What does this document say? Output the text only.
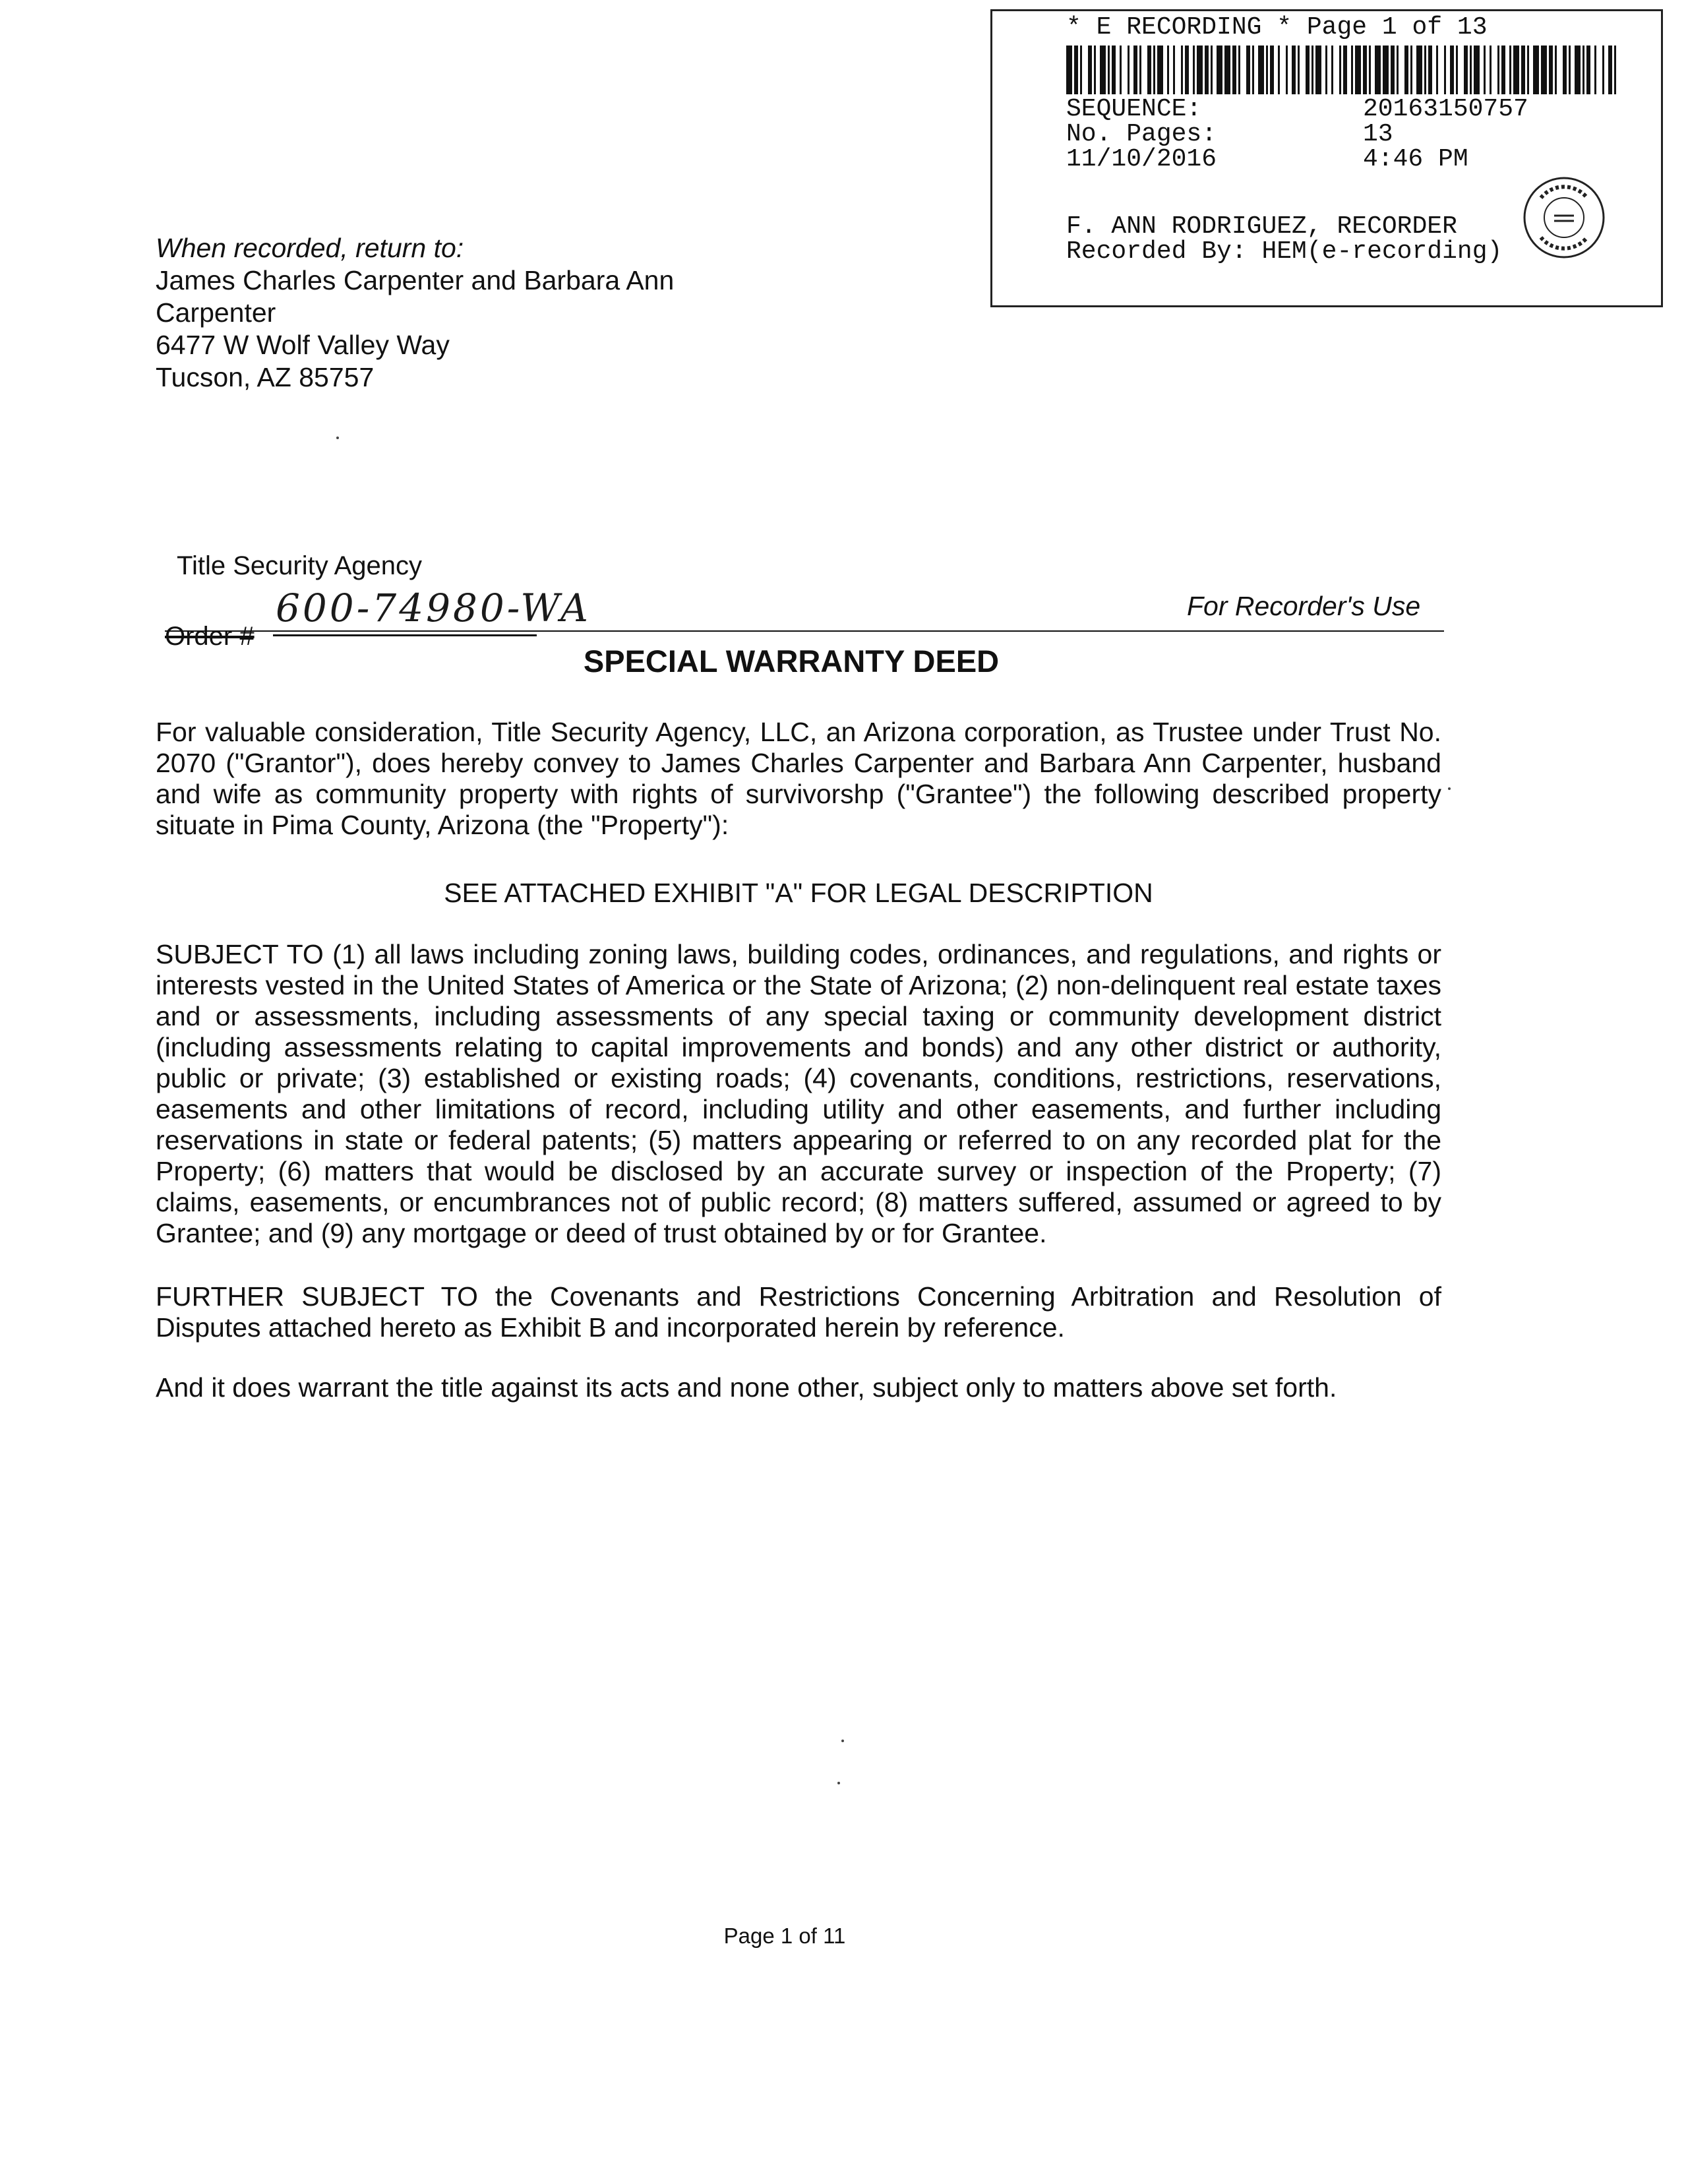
* E RECORDING * Page 1 of 13
SEQUENCE:	20163150757
No. Pages:	13
11/10/2016	4:46 PM
F. ANN RODRIGUEZ, RECORDER
Recorded By: HEM(e-recording)
When recorded, return to:
James Charles Carpenter and Barbara Ann
Carpenter
6477 W Wolf Valley Way
Tucson, AZ 85757
Title Security Agency
Order #
600-74980-WA	For Recorder's Use
SPECIAL WARRANTY DEED
For valuable consideration, Title Security Agency, LLC, an Arizona corporation, as Trustee under Trust No. 2070 ("Grantor"), does hereby convey to James Charles Carpenter and Barbara Ann Carpenter, husband and wife as community property with rights of survivorshp ("Grantee") the following described property situate in Pima County, Arizona (the "Property"):
SEE ATTACHED EXHIBIT "A" FOR LEGAL DESCRIPTION
SUBJECT TO (1) all laws including zoning laws, building codes, ordinances, and regulations, and rights or interests vested in the United States of America or the State of Arizona; (2) non-delinquent real estate taxes and or assessments, including assessments of any special taxing or community development district (including assessments relating to capital improvements and bonds) and any other district or authority, public or private; (3) established or existing roads; (4) covenants, conditions, restrictions, reservations, easements and other limitations of record, including utility and other easements, and further including reservations in state or federal patents; (5) matters appearing or referred to on any recorded plat for the Property; (6) matters that would be disclosed by an accurate survey or inspection of the Property; (7) claims, easements, or encumbrances not of public record; (8) matters suffered, assumed or agreed to by Grantee; and (9) any mortgage or deed of trust obtained by or for Grantee.
FURTHER SUBJECT TO the Covenants and Restrictions Concerning Arbitration and Resolution of Disputes attached hereto as Exhibit B and incorporated herein by reference.
And it does warrant the title against its acts and none other, subject only to matters above set forth.
Page 1 of 11
